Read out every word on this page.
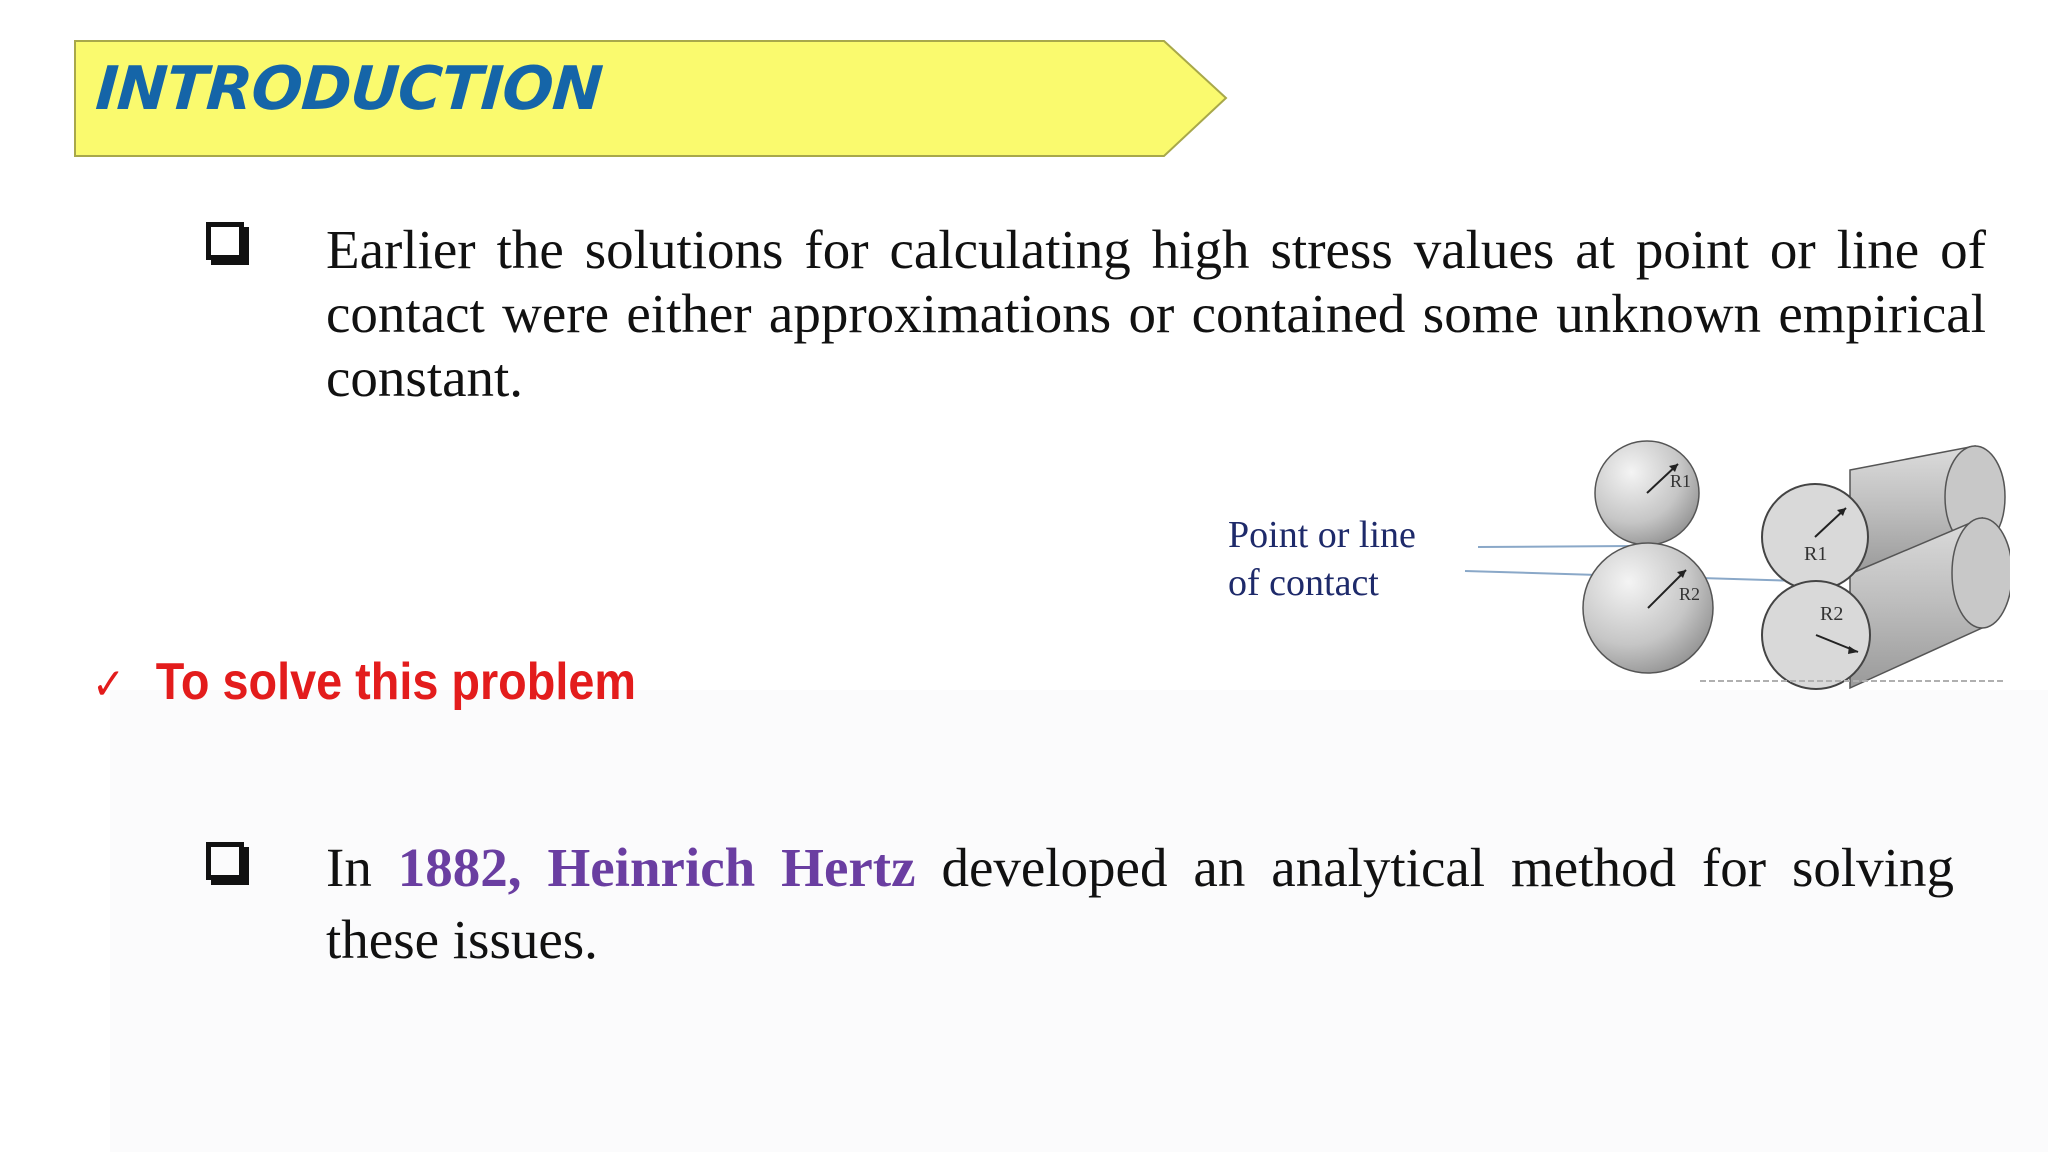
INTRODUCTION

Earlier the solutions for calculating high stress values at point or line of contact were either approximations or contained some unknown empirical constant.

✓ To solve this problem
Point or line
of contact
R1
R2
R1
R2

In 1882, Heinrich Hertz developed an analytical method for solving these issues.
